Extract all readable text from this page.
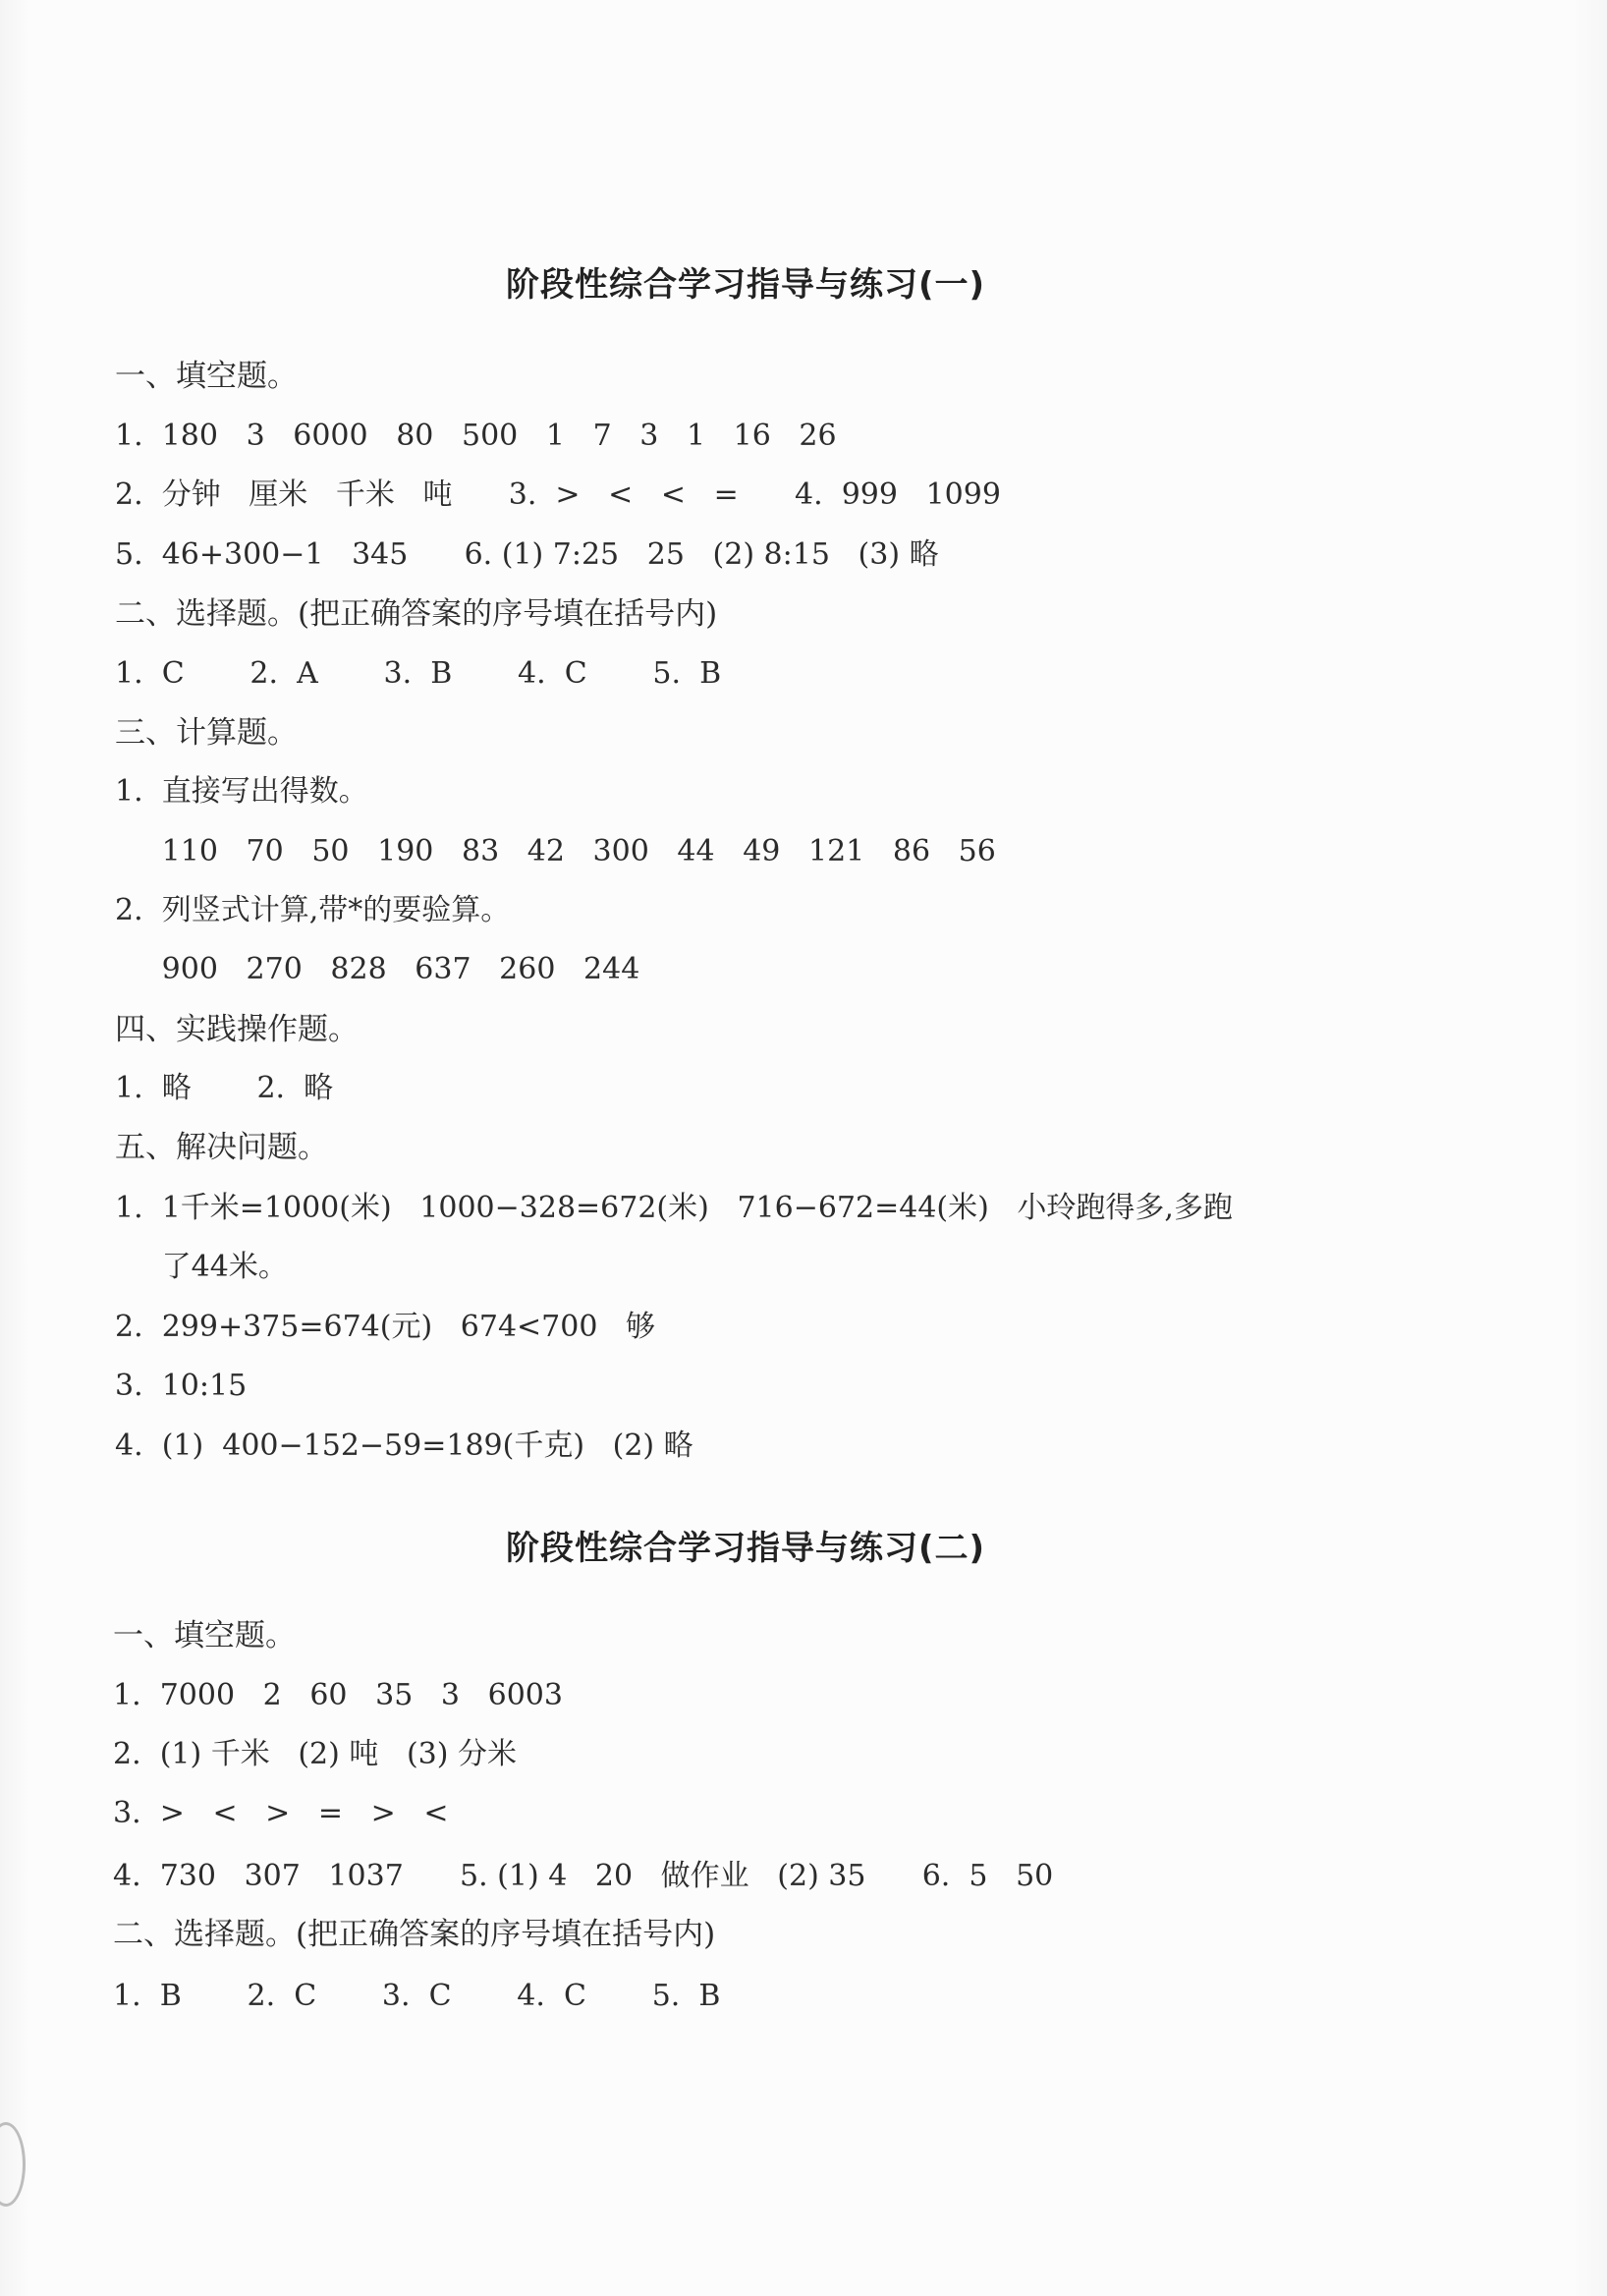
阶段性综合学习指导与练习(一)
一、填空题。
1.  180   3   6000   80   500   1   7   3   1   16   26
2.  分钟   厘米   千米   吨      3.  >   <   <   =      4.  999   1099
5.  46+300−1   345      6. (1) 7:25   25   (2) 8:15   (3) 略
二、选择题。(把正确答案的序号填在括号内)
1.  C       2.  A       3.  B       4.  C       5.  B
三、计算题。
1.  直接写出得数。
110   70   50   190   83   42   300   44   49   121   86   56
2.  列竖式计算,带*的要验算。
900   270   828   637   260   244
四、实践操作题。
1.  略       2.  略
五、解决问题。
1.  1千米=1000(米)   1000−328=672(米)   716−672=44(米)   小玲跑得多,多跑
了44米。
2.  299+375=674(元)   674<700   够
3.  10:15
4.  (1)  400−152−59=189(千克)   (2) 略
阶段性综合学习指导与练习(二)
一、填空题。
1.  7000   2   60   35   3   6003
2.  (1) 千米   (2) 吨   (3) 分米
3.  >   <   >   =   >   <
4.  730   307   1037      5. (1) 4   20   做作业   (2) 35      6.  5   50
二、选择题。(把正确答案的序号填在括号内)
1.  B       2.  C       3.  C       4.  C       5.  B
